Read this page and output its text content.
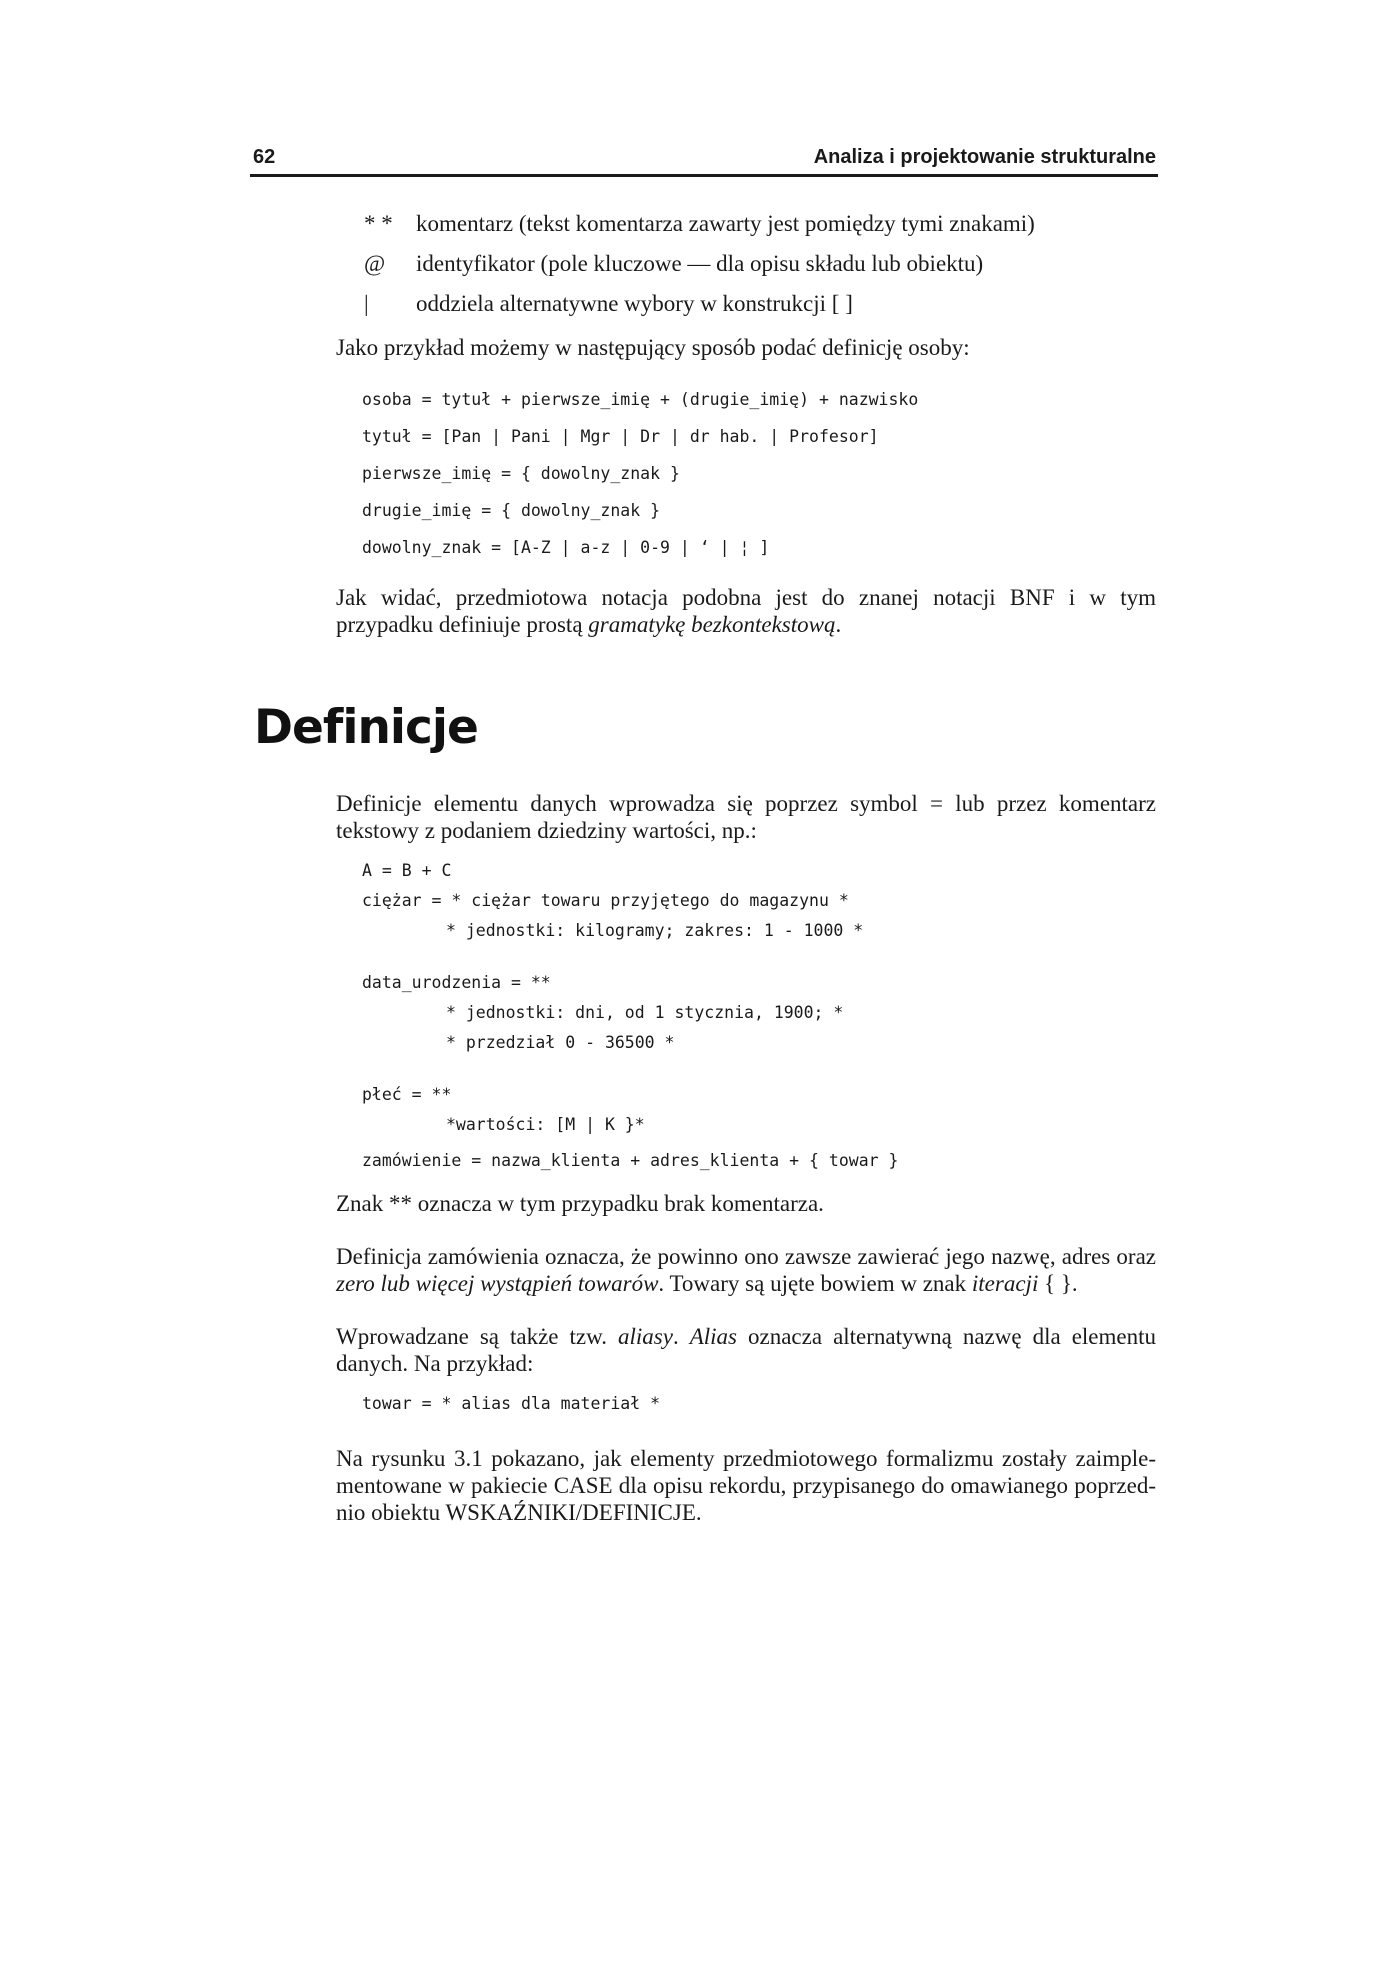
62	Analiza i projektowanie strukturalne
* *	komentarz (tekst komentarza zawarty jest pomiędzy tymi znakami)
@	identyfikator (pole kluczowe — dla opisu składu lub obiektu)
|	oddziela alternatywne wybory w konstrukcji [ ]

Jako przykład możemy w następujący sposób podać definicję osoby:

osoba = tytuł + pierwsze_imię + (drugie_imię) + nazwisko
tytuł = [Pan | Pani | Mgr | Dr | dr hab. | Profesor]
pierwsze_imię = { dowolny_znak }
drugie_imię = { dowolny_znak }
dowolny_znak = [A-Z | a-z | 0-9 | ‘ | ¦ ]

Jak widać, przedmiotowa notacja podobna jest do znanej notacji BNF i w tym przypadku definiuje prostą gramatykę bezkontekstową.

Definicje

Definicje elementu danych wprowadza się poprzez symbol = lub przez komentarz tekstowy z podaniem dziedziny wartości, np.:

A = B + C
ciężar = * ciężar towaru przyjętego do magazynu *
* jednostki: kilogramy; zakres: 1 - 1000 *
data_urodzenia = **
* jednostki: dni, od 1 stycznia, 1900; *
* przedział 0 - 36500 *
płeć = **
*wartości: [M | K }*
zamówienie = nazwa_klienta + adres_klienta + { towar }

Znak ** oznacza w tym przypadku brak komentarza.

Definicja zamówienia oznacza, że powinno ono zawsze zawierać jego nazwę, adres oraz zero lub więcej wystąpień towarów. Towary są ujęte bowiem w znak iteracji { }.

Wprowadzane są także tzw. aliasy. Alias oznacza alternatywną nazwę dla elementu danych. Na przykład:

towar = * alias dla materiał *

Na rysunku 3.1 pokazano, jak elementy przedmiotowego formalizmu zostały zaimplementowane w pakiecie CASE dla opisu rekordu, przypisanego do omawianego poprzednio obiektu WSKAŹNIKI/DEFINICJE.
